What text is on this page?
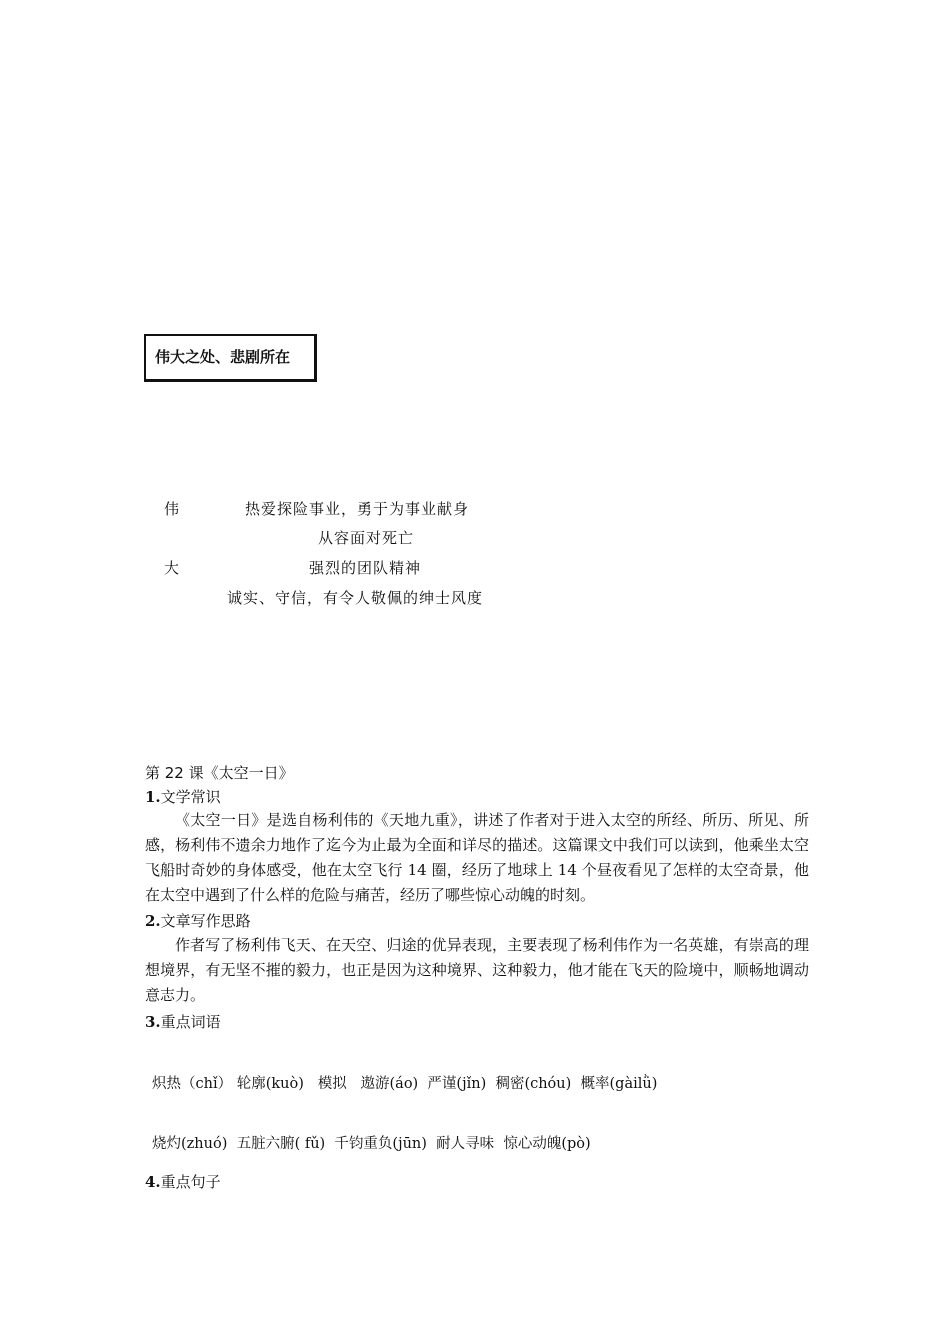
伟大之处、悲剧所在
伟
大
热爱探险事业，勇于为事业献身
从容面对死亡
强烈的团队精神
诚实、守信，有令人敬佩的绅士风度
第 22 课《太空一日》
1.文学常识
《太空一日》是选自杨利伟的《天地九重》，讲述了作者对于进入太空的所经、所历、所见、所感，杨利伟不遗余力地作了迄今为止最为全面和详尽的描述。这篇课文中我们可以读到，他乘坐太空飞船时奇妙的身体感受，他在太空飞行 14 圈，经历了地球上 14 个昼夜看见了怎样的太空奇景，他在太空中遇到了什么样的危险与痛苦，经历了哪些惊心动魄的时刻。
2.文章写作思路
作者写了杨利伟飞天、在天空、归途的优异表现，主要表现了杨利伟作为一名英雄，有崇高的理想境界，有无坚不摧的毅力，也正是因为这种境界、这种毅力，他才能在飞天的险境中，顺畅地调动意志力。
3.重点词语
炽热（chǐ） 轮廓(kuò)   模拟   遨游(áo)  严谨(jǐn)  稠密(chóu)  概率(gàilǜ)
烧灼(zhuó)  五脏六腑( fǔ)  千钧重负(jūn)  耐人寻味  惊心动魄(pò)
4.重点句子
